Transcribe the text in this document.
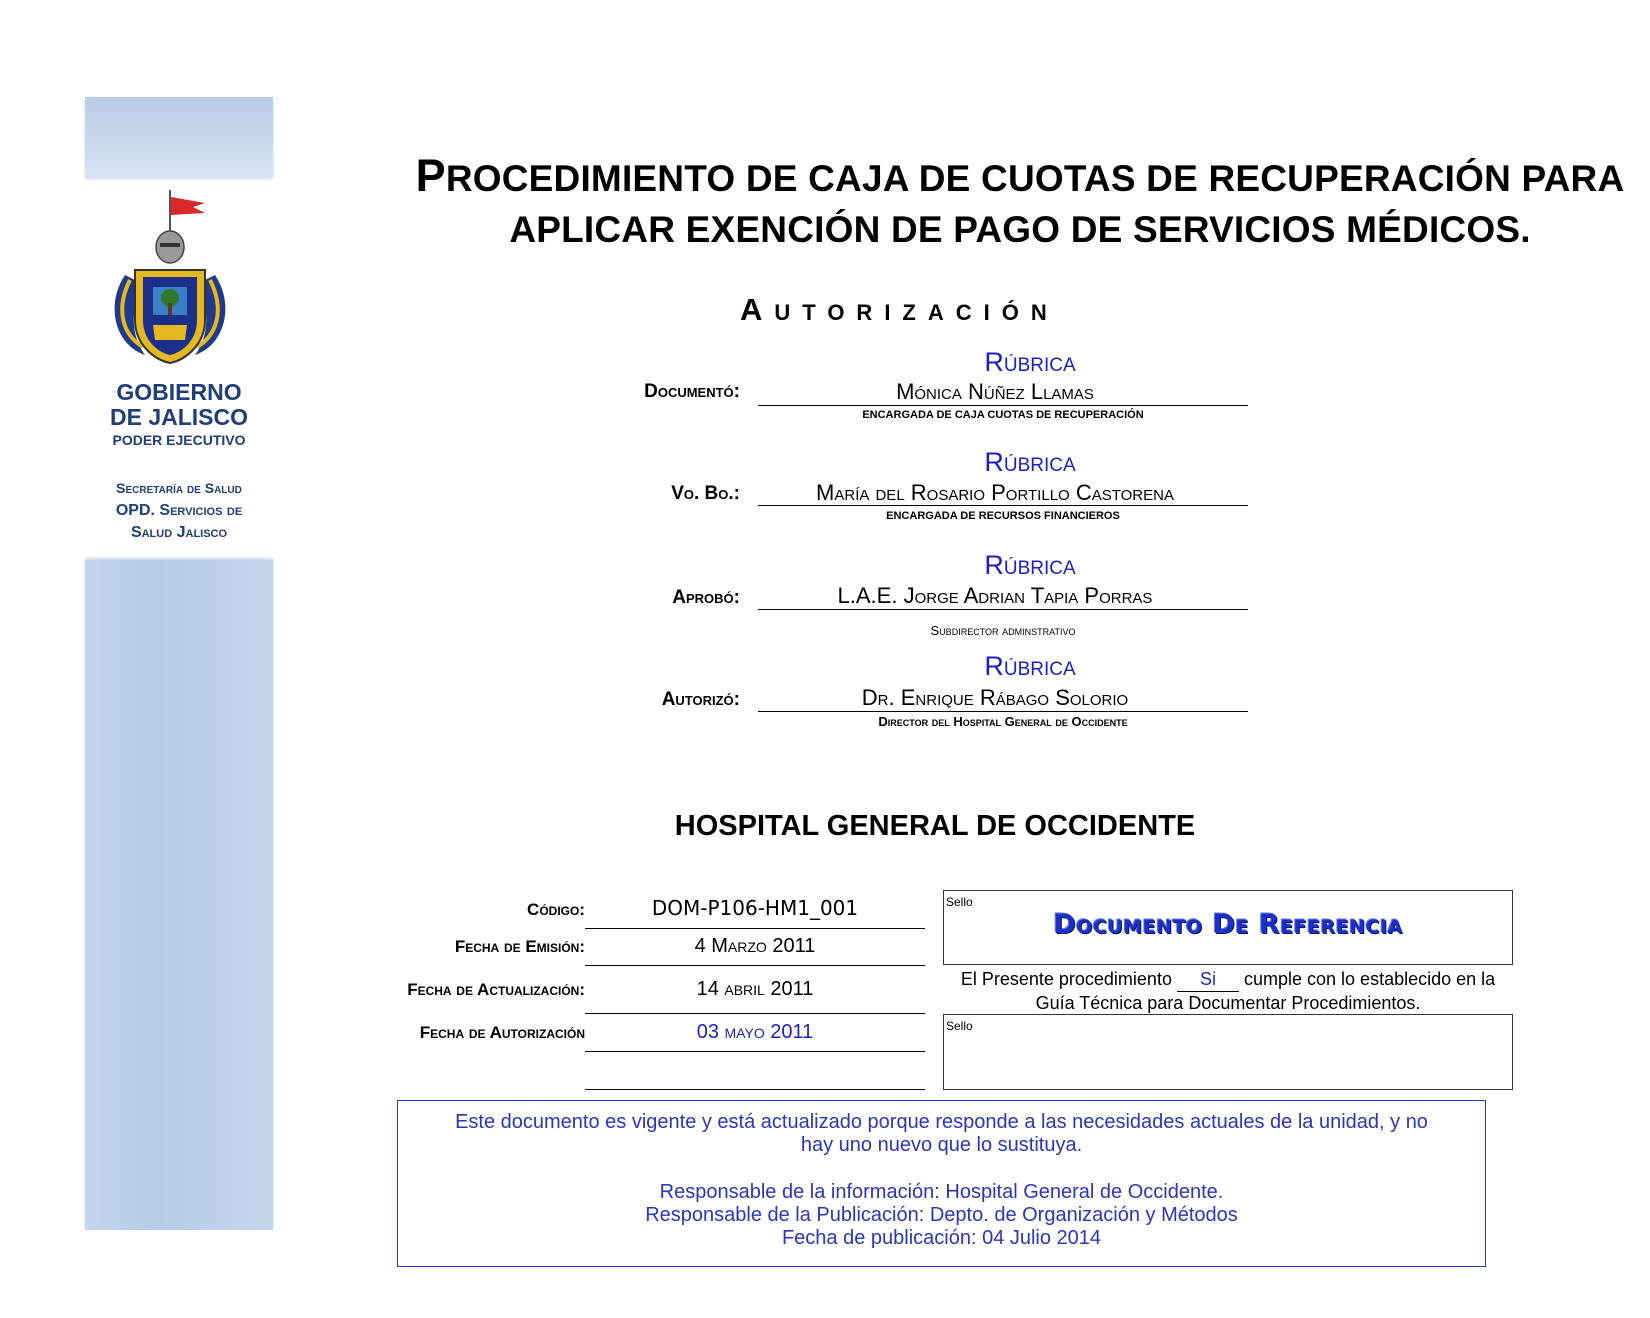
GOBIERNO
DE JALISCO
PODER EJECUTIVO
Secretaría de Salud
OPD. Servicios de
Salud Jalisco
PROCEDIMIENTO DE CAJA DE CUOTAS DE RECUPERACIÓN PARA
APLICAR EXENCIÓN DE PAGO DE SERVICIOS MÉDICOS.
Autorización
Rúbrica
Documentó:	Mónica Núñez Llamas
ENCARGADA DE CAJA CUOTAS DE RECUPERACIÓN
Rúbrica
Vo. Bo.:	María del Rosario Portillo Castorena
ENCARGADA DE RECURSOS FINANCIEROS
Rúbrica
Aprobó:	L.A.E. Jorge Adrian Tapia Porras
Subdirector adminstrativo
Rúbrica
Autorizó:	Dr. Enrique Rábago Solorio
Director del Hospital General de Occidente
HOSPITAL GENERAL DE OCCIDENTE
Código:	DOM-P106-HM1_001
Fecha de Emisión:	4 Marzo 2011
Fecha de Actualización:	14 abril 2011
Fecha de Autorización	03 mayo 2011
Sello
Documento De Referencia
El Presente procedimiento Si cumple con lo establecido en la
Guía Técnica para Documentar Procedimientos.
Sello
Este documento es vigente y está actualizado porque responde a las necesidades actuales de la unidad, y no
hay uno nuevo que lo sustituya.
Responsable de la información: Hospital General de Occidente.
Responsable de la Publicación: Depto. de Organización y Métodos
Fecha de publicación: 04 Julio 2014
